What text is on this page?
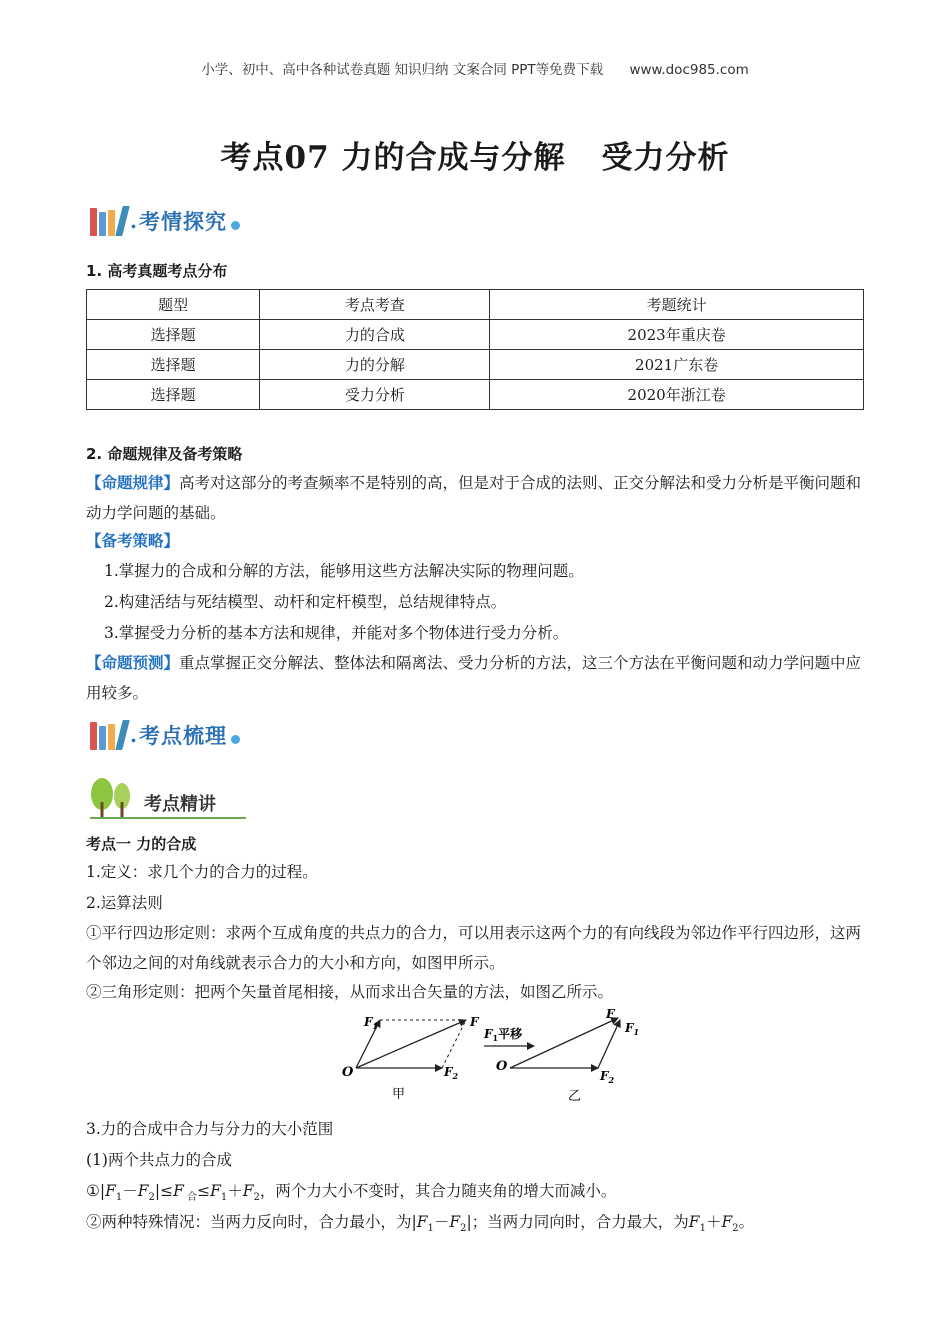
小学、初中、高中各种试卷真题 知识归纳 文案合同 PPT等免费下载 www.doc985.com
考点07 力的合成与分解 受力分析
. 考情探究
1. 高考真题考点分布
题型	考点考查	考题统计
选择题	力的合成	2023年重庆卷
选择题	力的分解	2021广东卷
选择题	受力分析	2020年浙江卷
2. 命题规律及备考策略
【命题规律】高考对这部分的考查频率不是特别的高，但是对于合成的法则、正交分解法和受力分析是平衡问题和动力学问题的基础。
【备考策略】
1.掌握力的合成和分解的方法，能够用这些方法解决实际的物理问题。
2.构建活结与死结模型、动杆和定杆模型，总结规律特点。
3.掌握受力分析的基本方法和规律，并能对多个物体进行受力分析。
【命题预测】重点掌握正交分解法、整体法和隔离法、受力分析的方法，这三个方法在平衡问题和动力学问题中应用较多。
. 考点梳理
考点精讲
考点一 力的合成
1.定义：求几个力的合力的过程。
2.运算法则
①平行四边形定则：求两个互成角度的共点力的合力，可以用表示这两个力的有向线段为邻边作平行四边形，这两个邻边之间的对角线就表示合力的大小和方向，如图甲所示。
②三角形定则：把两个矢量首尾相接，从而求出合矢量的方法，如图乙所示。
O
$F_1$	F
$F_2$
甲
$F_1$平移
O
F
$F_1$
$F_2$
乙
3.力的合成中合力与分力的大小范围
(1)两个共点力的合成
$①|F_1-F_2|\le F$ $_合\le F_1+F_2$，两个力大小不变时，其合力随夹角的增大而减小。
②两种特殊情况：当两力反向时，合力最小，为$|F_1-F_2|$；当两力同向时，合力最大，为$F_1+F_2$。
